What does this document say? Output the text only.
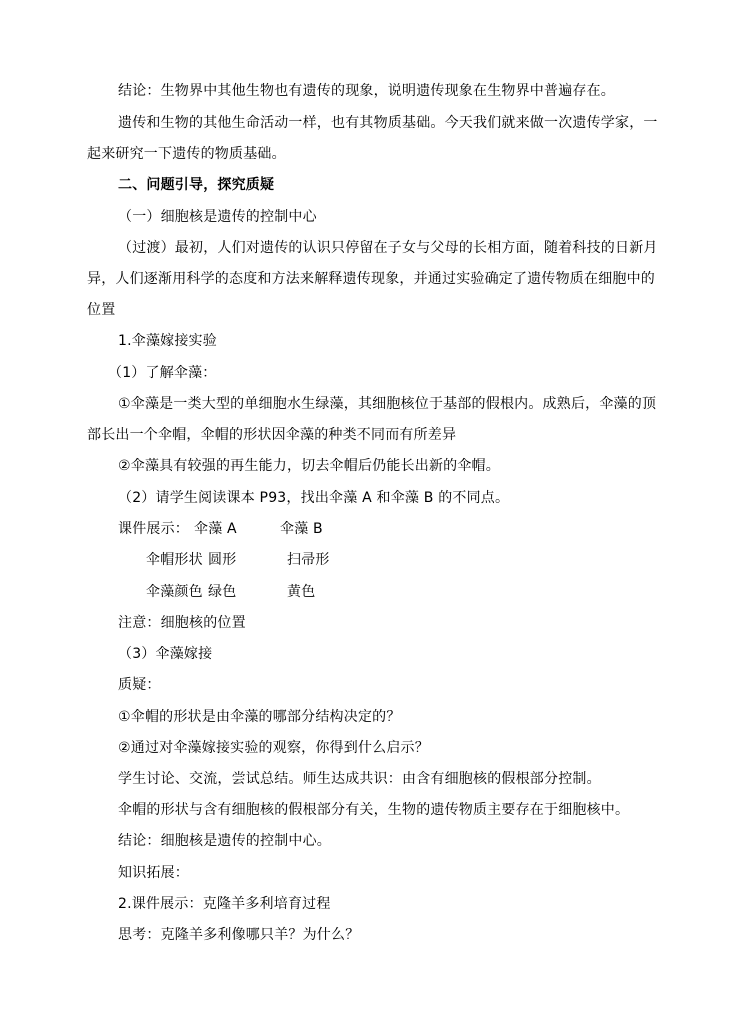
结论：生物界中其他生物也有遗传的现象，说明遗传现象在生物界中普遍存在。
遗传和生物的其他生命活动一样，也有其物质基础。今天我们就来做一次遗传学家，一
起来研究一下遗传的物质基础。
二、问题引导，探究质疑
（一）细胞核是遗传的控制中心
（过渡）最初，人们对遗传的认识只停留在子女与父母的长相方面，随着科技的日新月
异，人们逐渐用科学的态度和方法来解释遗传现象，并通过实验确定了遗传物质在细胞中的
位置
1.伞藻嫁接实验
（1）了解伞藻：
①伞藻是一类大型的单细胞水生绿藻，其细胞核位于基部的假根内。成熟后，伞藻的顶
部长出一个伞帽，伞帽的形状因伞藻的种类不同而有所差异
②伞藻具有较强的再生能力，切去伞帽后仍能长出新的伞帽。
（2）请学生阅读课本 P93，找出伞藻 A 和伞藻 B 的不同点。
课件展示： 伞藻 A	伞藻 B
伞帽形状 圆形	扫帚形
伞藻颜色 绿色	黄色
注意：细胞核的位置
（3）伞藻嫁接
质疑：
①伞帽的形状是由伞藻的哪部分结构决定的？
②通过对伞藻嫁接实验的观察，你得到什么启示？
学生讨论、交流，尝试总结。师生达成共识：由含有细胞核的假根部分控制。
伞帽的形状与含有细胞核的假根部分有关，生物的遗传物质主要存在于细胞核中。
结论：细胞核是遗传的控制中心。
知识拓展：
2.课件展示：克隆羊多利培育过程
思考：克隆羊多利像哪只羊？为什么？
